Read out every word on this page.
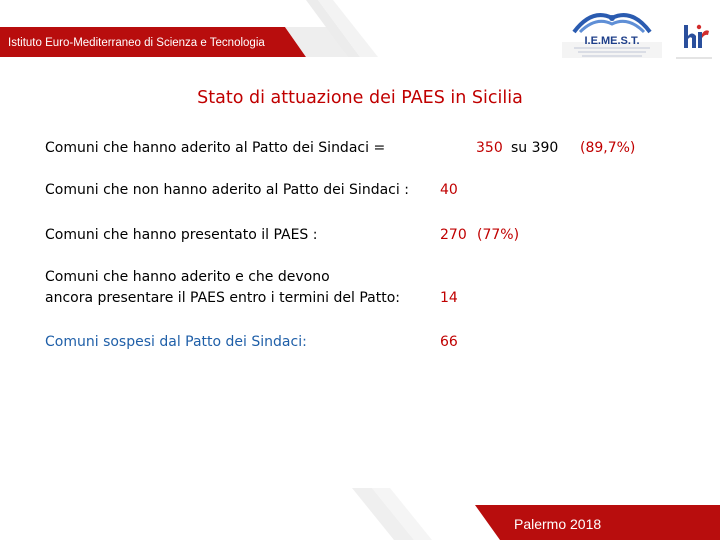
Istituto Euro-Mediterraneo di Scienza e Tecnologia	I.E.ME.S.T.
Stato di attuazione dei PAES in Sicilia
Comuni che hanno aderito al Patto dei Sindaci =	350 su 390 (89,7%)
Comuni che non hanno aderito al Patto dei Sindaci : 40
Comuni che hanno presentato il PAES :	270 (77%)
Comuni che hanno aderito e che devono
ancora presentare il PAES entro i termini del Patto:	14
Comuni sospesi dal Patto dei Sindaci:	66
Palermo 2018
